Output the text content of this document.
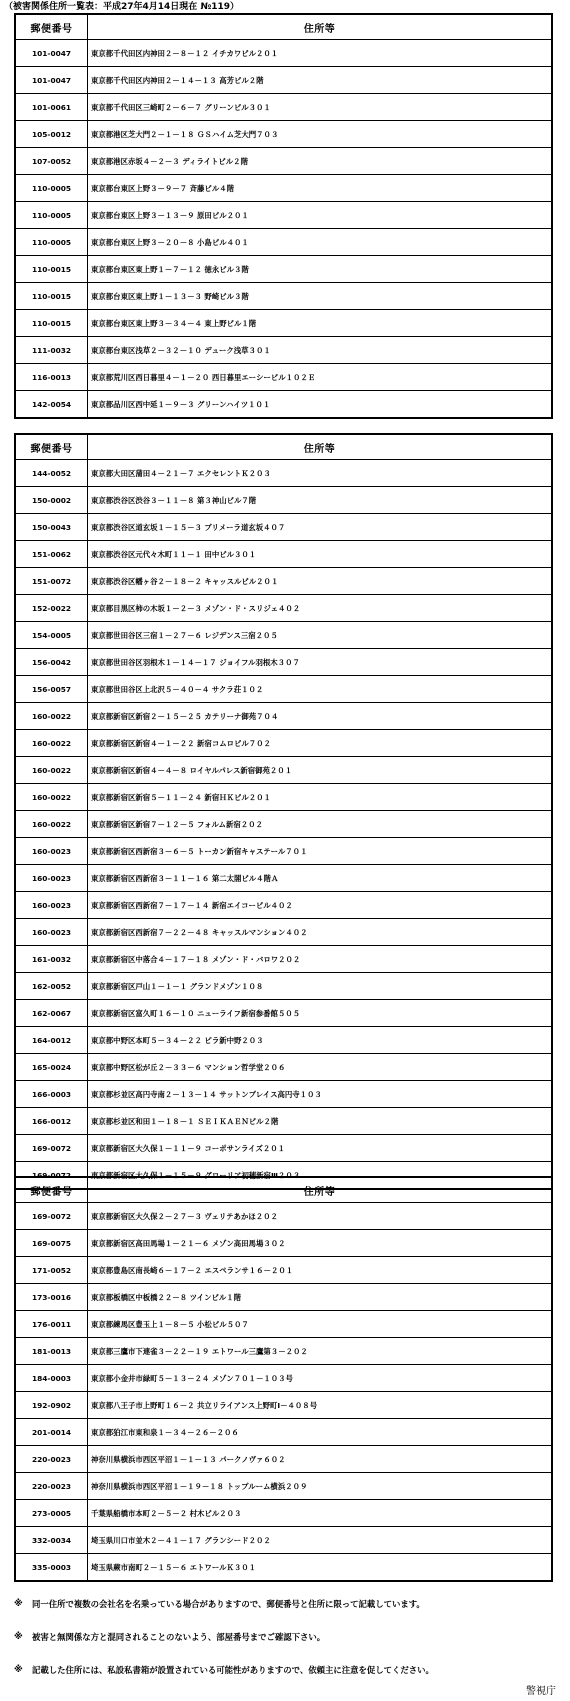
（被害関係住所一覧表：平成27年4月14日現在 №119）
郵便番号	住所等
101-0047	東京都千代田区内神田２－８－１２ イチカワビル２０１
101-0047	東京都千代田区内神田２－１４－１３ 高芳ビル２階
101-0061	東京都千代田区三崎町２－６－７ グリーンビル３０１
105-0012	東京都港区芝大門２－１－１８ ＧＳハイム芝大門７０３
107-0052	東京都港区赤坂４－２－３ ディライトビル２階
110-0005	東京都台東区上野３－９－７ 斉藤ビル４階
110-0005	東京都台東区上野３－１３－９ 原田ビル２０１
110-0005	東京都台東区上野３－２０－８ 小島ビル４０１
110-0015	東京都台東区東上野１－７－１２ 徳永ビル３階
110-0015	東京都台東区東上野１－１３－３ 野崎ビル３階
110-0015	東京都台東区東上野３－３４－４ 東上野ビル１階
111-0032	東京都台東区浅草２－３２－１０ デューク浅草３０１
116-0013	東京都荒川区西日暮里４－１－２０ 西日暮里エーシービル１０２Ｅ
142-0054	東京都品川区西中延１－９－３ グリーンハイツ１０１
郵便番号	住所等
144-0052	東京都大田区蒲田４－２１－７ エクセレントＫ２０３
150-0002	東京都渋谷区渋谷３－１１－８ 第３神山ビル７階
150-0043	東京都渋谷区道玄坂１－１５－３ プリメーラ道玄坂４０７
151-0062	東京都渋谷区元代々木町１１－１ 田中ビル３０１
151-0072	東京都渋谷区幡ヶ谷２－１８－２ キャッスルビル２０１
152-0022	東京都目黒区柿の木坂１－２－３ メゾン・ド・スリジェ４０２
154-0005	東京都世田谷区三宿１－２７－６ レジデンス三宿２０５
156-0042	東京都世田谷区羽根木１－１４－１７ ジョイフル羽根木３０７
156-0057	東京都世田谷区上北沢５－４０－４ サクラ荘１０２
160-0022	東京都新宿区新宿２－１５－２５ カテリーナ御苑７０４
160-0022	東京都新宿区新宿４－１－２２ 新宿コムロビル７０２
160-0022	東京都新宿区新宿４－４－８ ロイヤルパレス新宿御苑２０１
160-0022	東京都新宿区新宿５－１１－２４ 新宿ＨＫビル２０１
160-0022	東京都新宿区新宿７－１２－５ フォルム新宿２０２
160-0023	東京都新宿区西新宿３－６－５ トーカン新宿キャステール７０１
160-0023	東京都新宿区西新宿３－１１－１６ 第二太閤ビル４階Ａ
160-0023	東京都新宿区西新宿７－１７－１４ 新宿エイコービル４０２
160-0023	東京都新宿区西新宿７－２２－４８ キャッスルマンション４０２
161-0032	東京都新宿区中落合４－１７－１８ メゾン・ド・バロワ２０２
162-0052	東京都新宿区戸山１－１－１ グランドメゾン１０８
162-0067	東京都新宿区富久町１６－１０ ニューライフ新宿参番館５０５
164-0012	東京都中野区本町５－３４－２２ ピラ新中野２０３
165-0024	東京都中野区松が丘２－３３－６ マンション哲学堂２０６
166-0003	東京都杉並区高円寺南２－１３－１４ サットンプレイス高円寺１０３
166-0012	東京都杉並区和田１－１８－１ ＳＥＩＫＡＥＮビル２階
169-0072	東京都新宿区大久保１－１１－９ コーポサンライズ２０１
169-0072	東京都新宿区大久保１－１５－９ グローリア初穂新宿Ⅲ２０３
郵便番号	住所等
169-0072	東京都新宿区大久保２－２７－３ ヴェリテあかほ２０２
169-0075	東京都新宿区高田馬場１－２１－６ メゾン高田馬場３０２
171-0052	東京都豊島区南長崎６－１７－２ エスペランサ１６－２０１
173-0016	東京都板橋区中板橋２２－８ ツインビル１階
176-0011	東京都練馬区豊玉上１－８－５ 小松ビル５０７
181-0013	東京都三鷹市下連雀３－２２－１９ エトワール三鷹第３－２０２
184-0003	東京都小金井市緑町５－１３－２４ メゾン７０１－１０３号
192-0902	東京都八王子市上野町１６－２ 共立リライアンス上野町Ⅰ－４０８号
201-0014	東京都狛江市東和泉１－３４－２６－２０６
220-0023	神奈川県横浜市西区平沼１－１－１３ パークノヴァ６０２
220-0023	神奈川県横浜市西区平沼１－１９－１８ トップルーム横浜２０９
273-0005	千葉県船橋市本町２－５－２ 村木ビル２０３
332-0034	埼玉県川口市並木２－４１－１７ グランシード２０２
335-0003	埼玉県蕨市南町２－１５－６ エトワールＫ３０１
※ 同一住所で複数の会社名を名乗っている場合がありますので、郵便番号と住所に限って記載しています。
※ 被害と無関係な方と混同されることのないよう、部屋番号までご確認下さい。
※ 記載した住所には、私設私書箱が設置されている可能性がありますので、依頼主に注意を促してください。
警視庁
